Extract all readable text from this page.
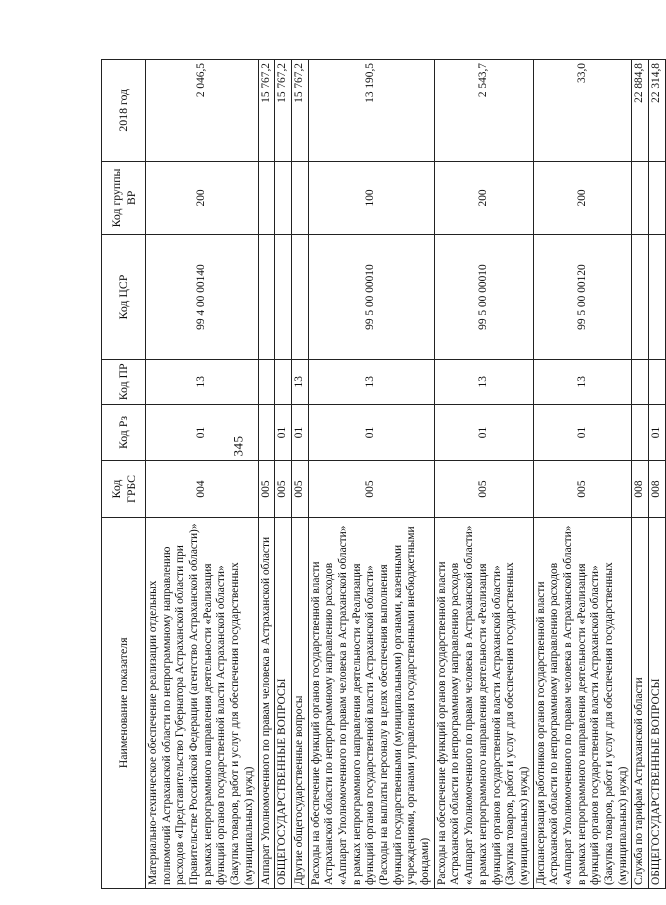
345
Наименование показателя	Код ГРБС	Код Рз	Код ПР	Код ЦСР	Код группы ВР	2018 год
Материально-техническое обеспечение реализации отдельных полномочий Астраханской области по непрограммному направлению расходов «Представительство Губернатора Астраханской области при Правительстве Российской Федерации (агентство Астраханской области)» в рамках непрограммного направления деятельности «Реализация функций органов государственной власти Астраханской области» (Закупка товаров, работ и услуг для обеспечения государственных (муниципальных) нужд)	004	01	13	99 4 00 00140	200	2 046,5
Аппарат Уполномоченного по правам человека в Астраханской области	005					15 767,2
ОБЩЕГОСУДАРСТВЕННЫЕ ВОПРОСЫ	005	01				15 767,2
Другие общегосударственные вопросы	005	01	13			15 767,2
Расходы на обеспечение функций органов государственной власти Астраханской области по непрограммному направлению расходов «Аппарат Уполномоченного по правам человека в Астраханской области» в рамках непрограммного направления деятельности «Реализация функций органов государственной власти Астраханской области» (Расходы на выплаты персоналу в целях обеспечения выполнения функций государственными (муниципальными) органами, казенными учреждениями, органами управления государственными внебюджетными фондами)	005	01	13	99 5 00 00010	100	13 190,5
Расходы на обеспечение функций органов государственной власти Астраханской области по непрограммному направлению расходов «Аппарат Уполномоченного по правам человека в Астраханской области» в рамках непрограммного направления деятельности «Реализация функций органов государственной власти Астраханской области» (Закупка товаров, работ и услуг для обеспечения государственных (муниципальных) нужд)	005	01	13	99 5 00 00010	200	2 543,7
Диспансеризация работников органов государственной власти Астраханской области по непрограммному направлению расходов «Аппарат Уполномоченного по правам человека в Астраханской области» в рамках непрограммного направления деятельности «Реализация функций органов государственной власти Астраханской области» (Закупка товаров, работ и услуг для обеспечения государственных (муниципальных) нужд)	005	01	13	99 5 00 00120	200	33,0
Служба по тарифам Астраханской области	008					22 884,8
ОБЩЕГОСУДАРСТВЕННЫЕ ВОПРОСЫ	008	01				22 314,8
